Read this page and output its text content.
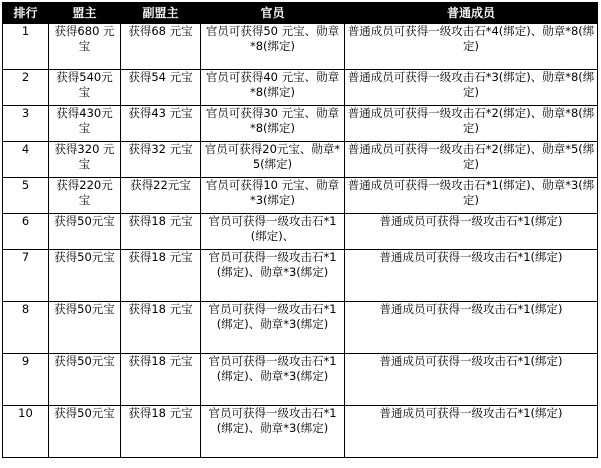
排行	盟主	副盟主	官员	普通成员
1	获得680 元宝	获得68 元宝	官员可获得50 元宝、勋章*8(绑定)	普通成员可获得一级攻击石*4(绑定)、勋章*8(绑定)
2	获得540元宝	获得54 元宝	官员可获得40 元宝、勋章*8(绑定)	普通成员可获得一级攻击石*3(绑定)、勋章*8(绑定)
3	获得430元宝	获得43 元宝	官员可获得30 元宝、勋章*8(绑定)	普通成员可获得一级攻击石*2(绑定)、勋章*8(绑定)
4	获得320 元宝	获得32 元宝	官员可获得20元宝、勋章*5(绑定)	普通成员可获得一级攻击石*2(绑定)、勋章*5(绑定)
5	获得220元宝	获得22元宝	官员可获得10 元宝、勋章*3(绑定)	普通成员可获得一级攻击石*1(绑定)、勋章*3(绑定)
6	获得50元宝	获得18 元宝	官员可获得一级攻击石*1(绑定)、	普通成员可获得一级攻击石*1(绑定)
7	获得50元宝	获得18 元宝	官员可获得一级攻击石*1(绑定)、勋章*3(绑定)	普通成员可获得一级攻击石*1(绑定)
8	获得50元宝	获得18 元宝	官员可获得一级攻击石*1(绑定)、勋章*3(绑定)	普通成员可获得一级攻击石*1(绑定)
9	获得50元宝	获得18 元宝	官员可获得一级攻击石*1(绑定)、勋章*3(绑定)	普通成员可获得一级攻击石*1(绑定)
10	获得50元宝	获得18 元宝	官员可获得一级攻击石*1(绑定)、勋章*3(绑定)	普通成员可获得一级攻击石*1(绑定)
